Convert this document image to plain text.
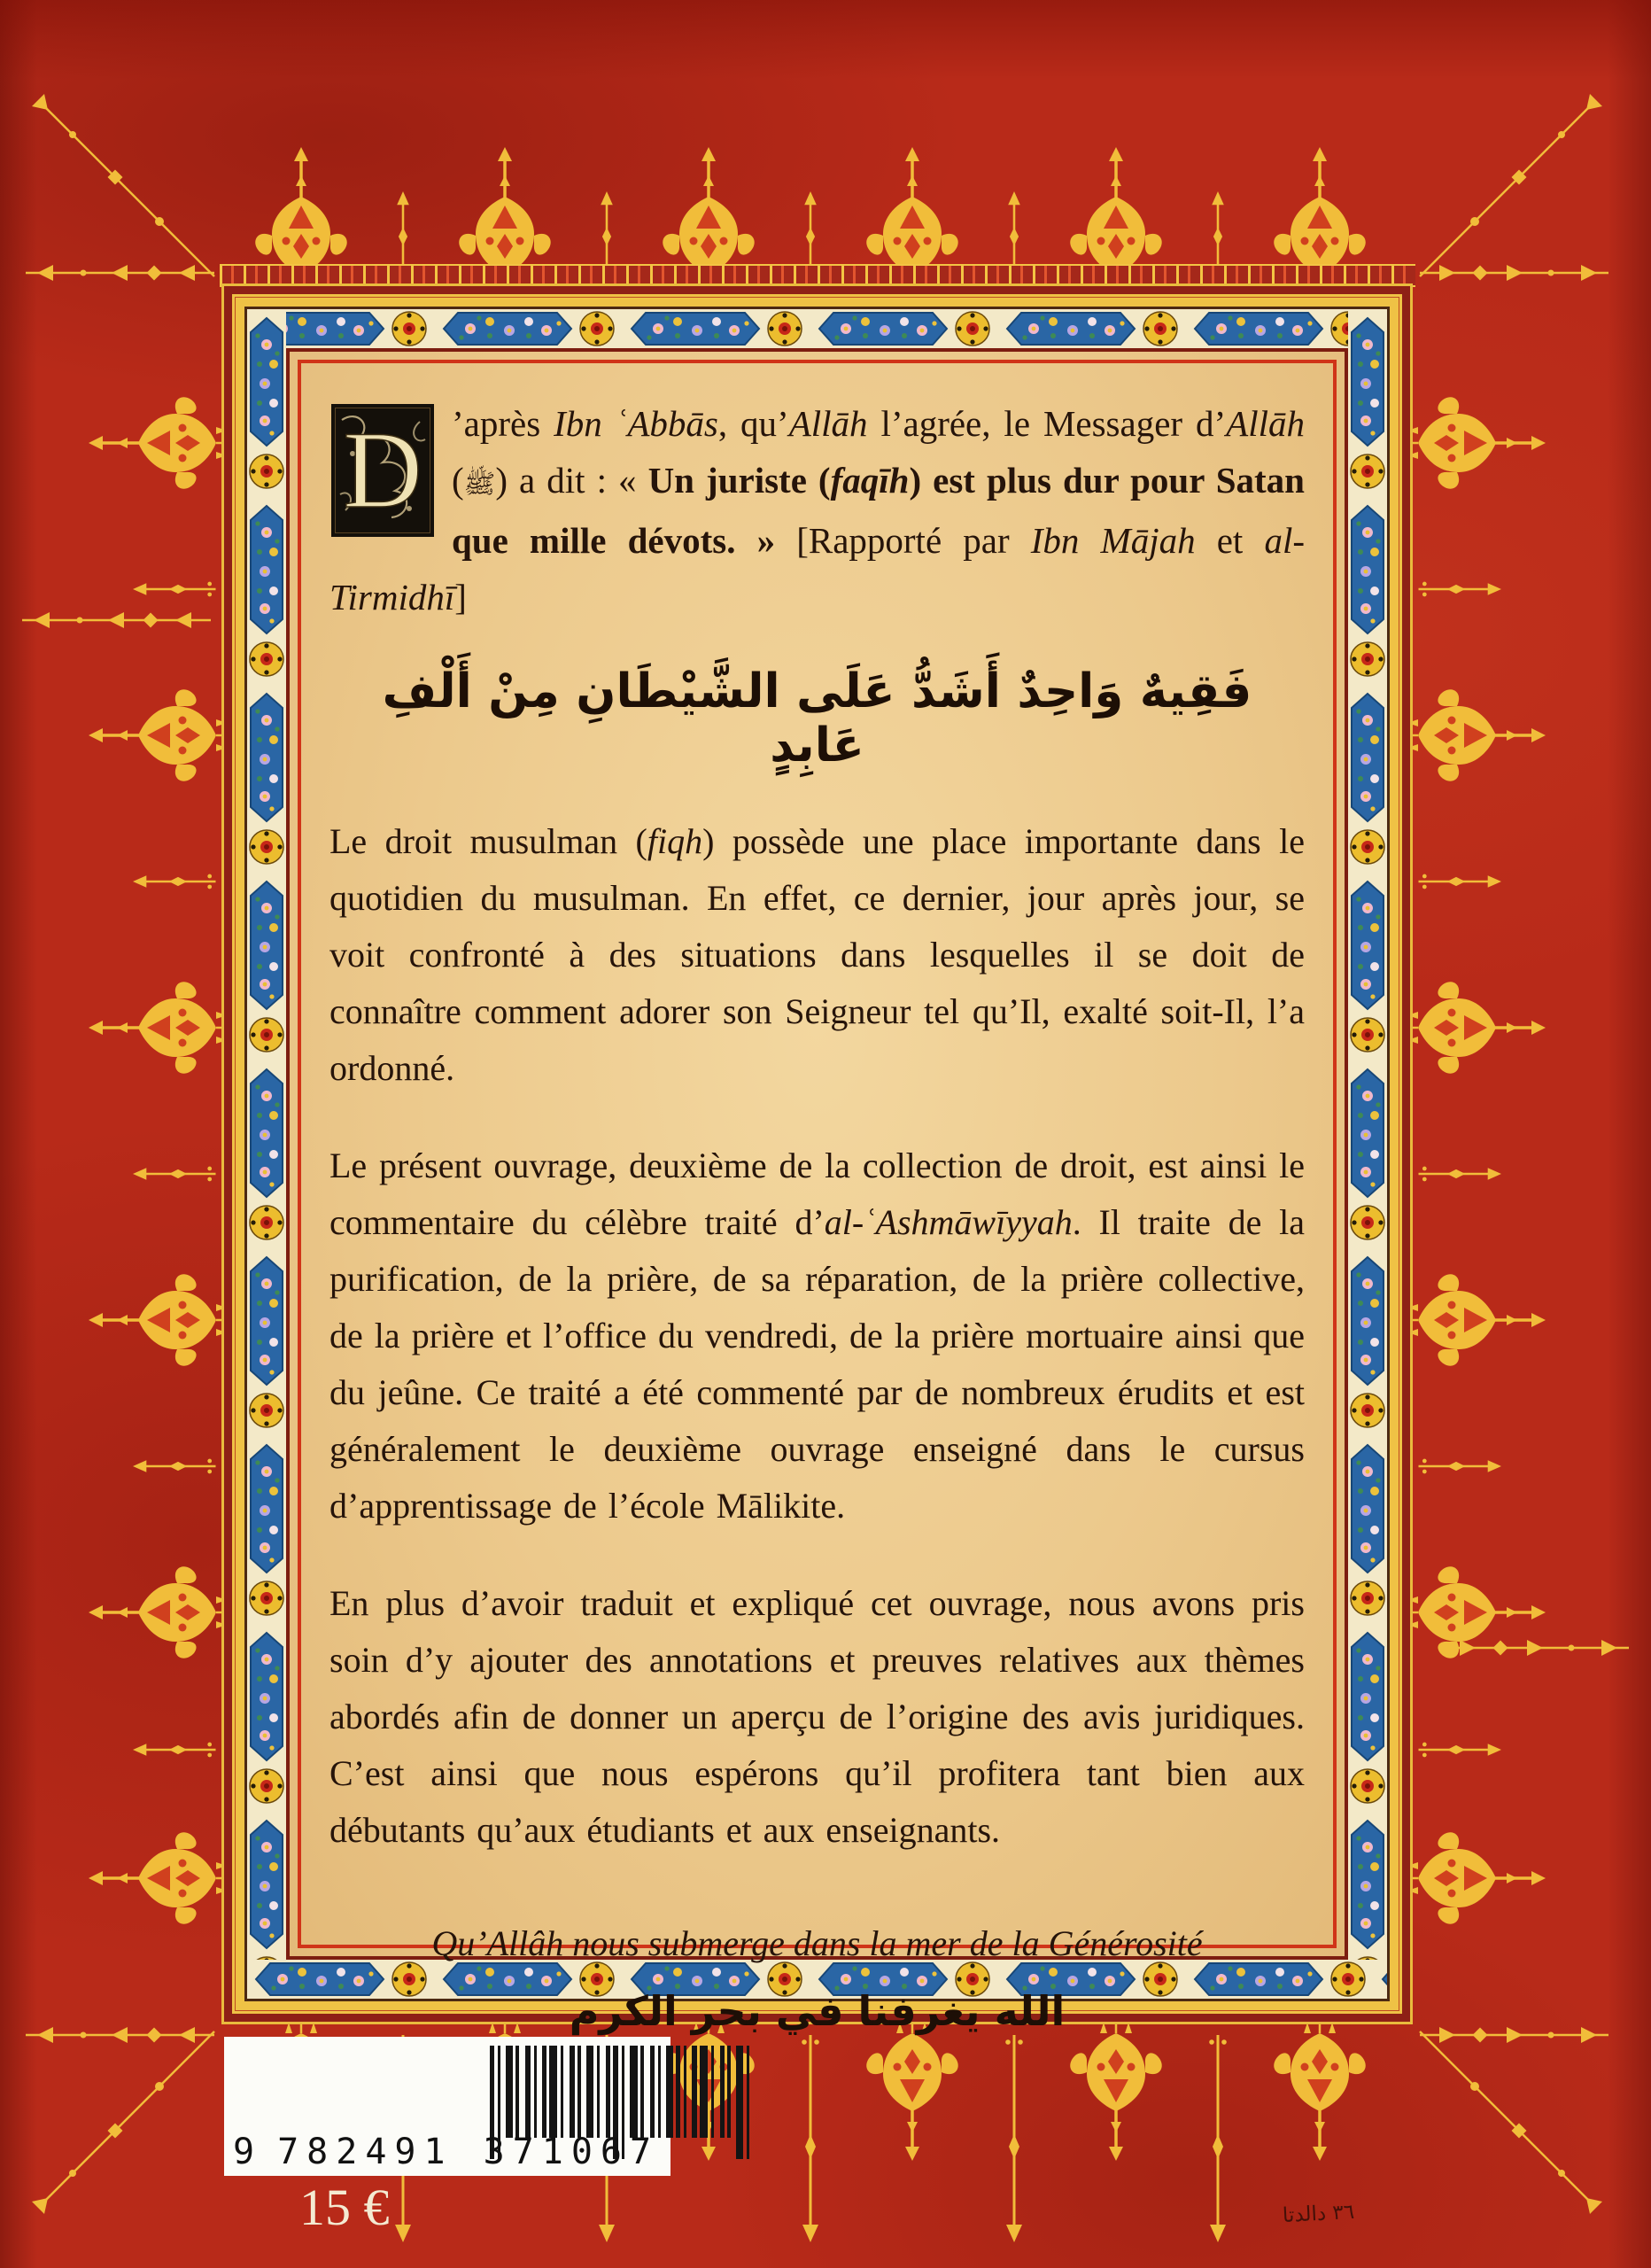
D ’après Ibn ʿAbbās, qu’Allāh l’agrée, le Messager d’Allāh (ﷺ) a dit : « Un juriste (faqīh) est plus dur pour Satan que mille dévots. » [Rapporté par Ibn Mājah et al-Tirmidhī]

فَقِيهٌ وَاحِدٌ أَشَدُّ عَلَى الشَّيْطَانِ مِنْ أَلْفِ عَابِدٍ

Le droit musulman (fiqh) possède une place importante dans le quotidien du musulman. En effet, ce dernier, jour après jour, se voit confronté à des situations dans lesquelles il se doit de connaître comment adorer son Seigneur tel qu’Il, exalté soit-Il, l’a ordonné.

Le présent ouvrage, deuxième de la collection de droit, est ainsi le commentaire du célèbre traité d’al-ʿAshmāwīyyah. Il traite de la purification, de la prière, de sa réparation, de la prière collective, de la prière et l’office du vendredi, de la prière mortuaire ainsi que du jeûne. Ce traité a été commenté par de nombreux érudits et est généralement le deuxième ouvrage enseigné dans le cursus d’apprentissage de l’école Mālikite.

En plus d’avoir traduit et expliqué cet ouvrage, nous avons pris soin d’y ajouter des annotations et preuves relatives aux thèmes abordés afin de donner un aperçu de l’origine des avis juridiques. C’est ainsi que nous espérons qu’il profitera tant bien aux débutants qu’aux étudiants et aux enseignants.

Qu’Allâh nous submerge dans la mer de la Générosité
الله يغرفنا في بحر الكرم
9 782491 371067
15 €	٣٦ دالدتا
